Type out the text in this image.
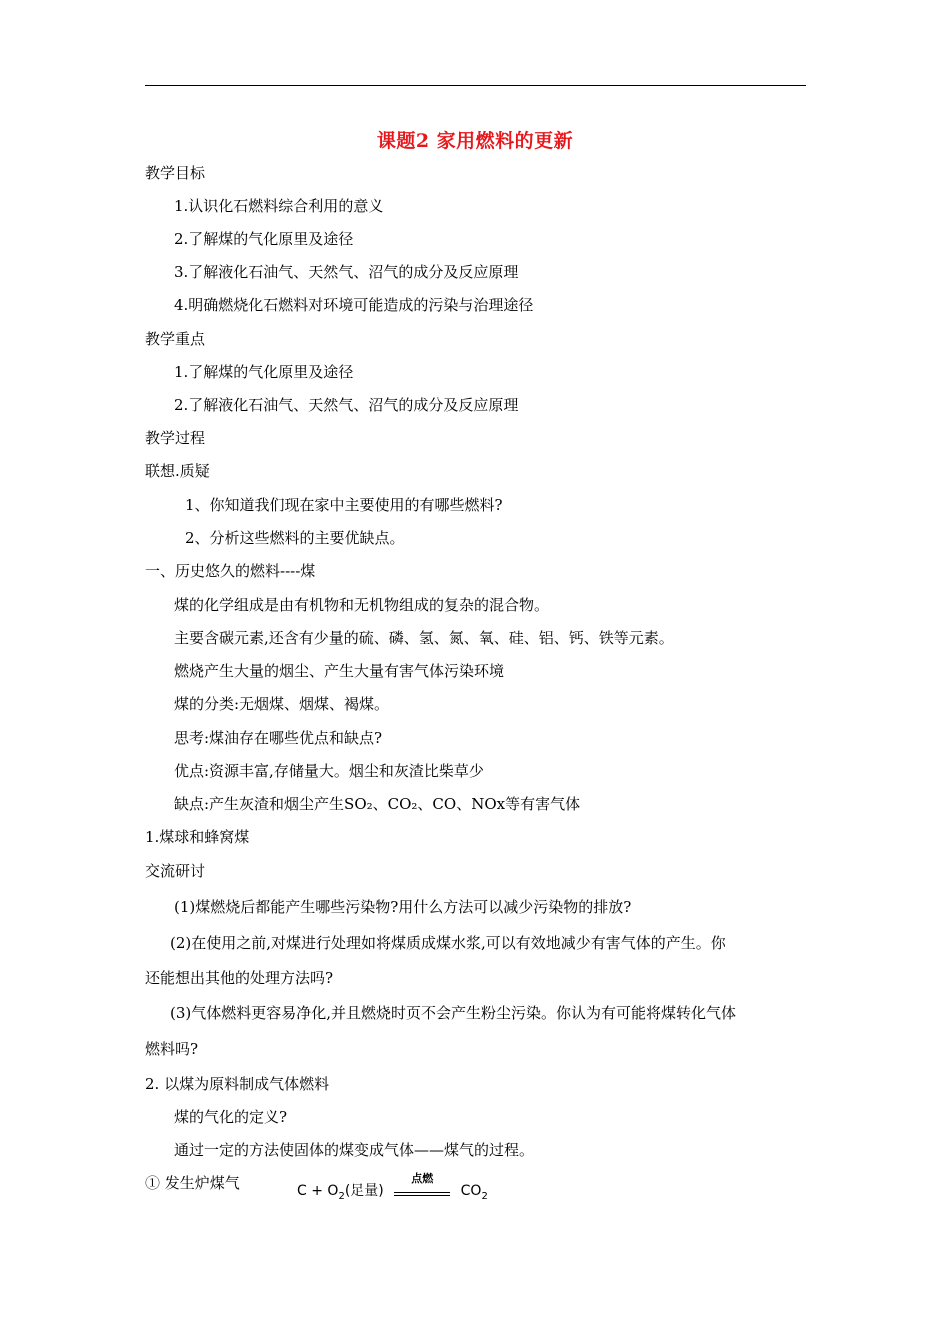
课题2 家用燃料的更新
教学目标
1.认识化石燃料综合利用的意义
2.了解煤的气化原里及途径
3.了解液化石油气、天然气、沼气的成分及反应原理
4.明确燃烧化石燃料对环境可能造成的污染与治理途径
教学重点
1.了解煤的气化原里及途径
2.了解液化石油气、天然气、沼气的成分及反应原理
教学过程
联想.质疑
1、你知道我们现在家中主要使用的有哪些燃料?
2、分析这些燃料的主要优缺点。
一、历史悠久的燃料----煤
煤的化学组成是由有机物和无机物组成的复杂的混合物。
主要含碳元素,还含有少量的硫、磷、氢、氮、氧、硅、铝、钙、铁等元素。
燃烧产生大量的烟尘、产生大量有害气体污染环境
煤的分类:无烟煤、烟煤、褐煤。
思考:煤油存在哪些优点和缺点?
优点:资源丰富,存储量大。烟尘和灰渣比柴草少
缺点:产生灰渣和烟尘产生SO₂、CO₂、CO、NOx等有害气体
1.煤球和蜂窝煤
交流研讨
(1)煤燃烧后都能产生哪些污染物?用什么方法可以减少污染物的排放?
(2)在使用之前,对煤进行处理如将煤质成煤水浆,可以有效地减少有害气体的产生。你
还能想出其他的处理方法吗?
(3)气体燃料更容易净化,并且燃烧时页不会产生粉尘污染。你认为有可能将煤转化气体
燃料吗?
2. 以煤为原料制成气体燃料
煤的气化的定义?
通过一定的方法使固体的煤变成气体——煤气的过程。
① 发生炉煤气	$C + O_2$(足量)
点燃
$CO_2$
